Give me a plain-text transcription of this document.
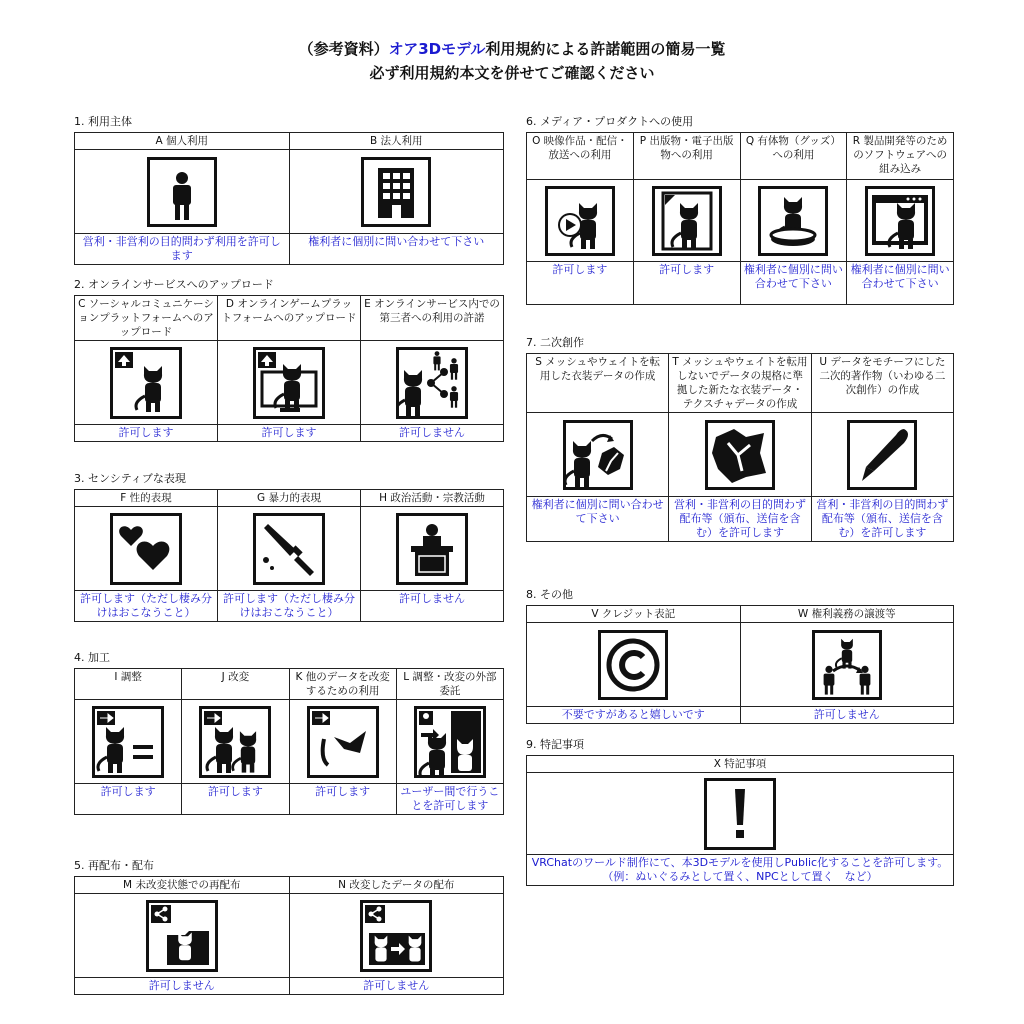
（参考資料）オア3Dモデル利用規約による許諾範囲の簡易一覧
必ず利用規約本文を併せてご確認ください
1. 利用主体
A 個人利用	B 法人利用

営利・非営利の目的問わず利用を許可します	権利者に個別に問い合わせて下さい
2. オンラインサービスへのアップロード
C ソーシャルコミュニケーションプラットフォームへのアップロード	D オンラインゲームプラットフォームへのアップロード	E オンラインサービス内での第三者への利用の許諾

許可します	許可します	許可しません
3. センシティブな表現
F 性的表現	G 暴力的表現	H 政治活動・宗教活動

許可します（ただし棲み分けはおこなうこと）	許可します（ただし棲み分けはおこなうこと）	許可しません
4. 加工
I 調整	J 改変	K 他のデータを改変するための利用	L 調整・改変の外部委託

許可します	許可します	許可します	ユーザー間で行うことを許可します
5. 再配布・配布
M 未改変状態での再配布	N 改変したデータの配布

許可しません	許可しません
6. メディア・プロダクトへの使用
O 映像作品・配信・放送への利用	P 出版物・電子出版物への利用	Q 有体物（グッズ）への利用	R 製品開発等のためのソフトウェアへの組み込み

許可します	許可します	権利者に個別に問い合わせて下さい	権利者に個別に問い合わせて下さい
7. 二次創作
S メッシュやウェイトを転用した衣装データの作成	T メッシュやウェイトを転用しないでデータの規格に準拠した新たな衣装データ・テクスチャデータの作成	U データをモチーフにした二次的著作物（いわゆる二次創作）の作成

権利者に個別に問い合わせて下さい	営利・非営利の目的問わず配布等（頒布、送信を含む）を許可します	営利・非営利の目的問わず配布等（頒布、送信を含む）を許可します
8. その他
V クレジット表記	W 権利義務の譲渡等

不要ですがあると嬉しいです	許可しません
9. 特記事項
X 特記事項

VRChatのワールド制作にて、本3Dモデルを使用しPublic化することを許可します。
（例：ぬいぐるみとして置く、NPCとして置く　など）
